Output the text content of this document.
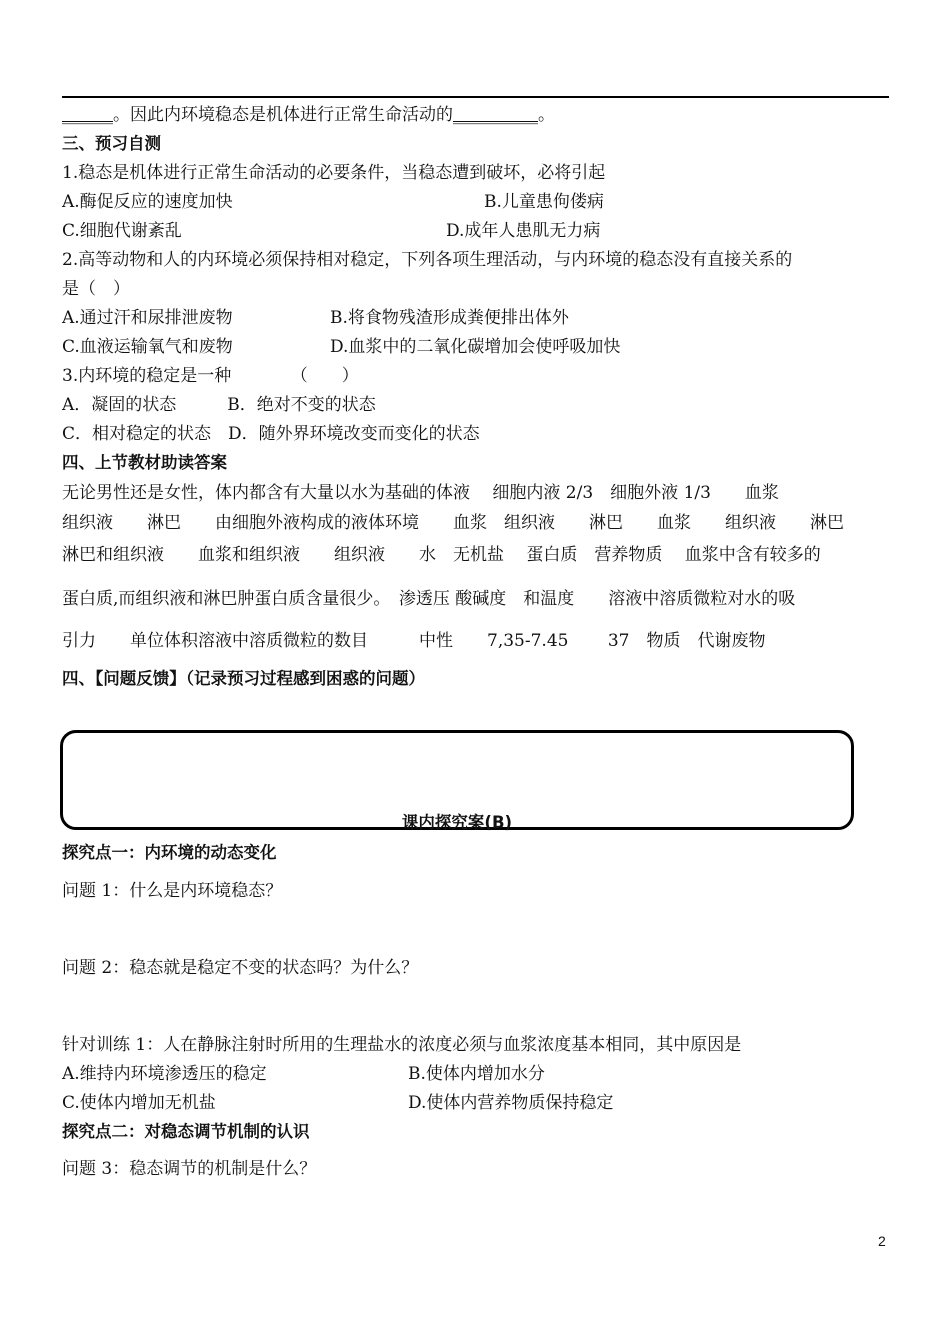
______。因此内环境稳态是机体进行正常生命活动的__________。
三、预习自测
1.稳态是机体进行正常生命活动的必要条件，当稳态遭到破坏，必将引起
A.酶促反应的速度加快	B.儿童患佝偻病
C.细胞代谢紊乱	D.成年人患肌无力病
2.高等动物和人的内环境必须保持相对稳定，下列各项生理活动，与内环境的稳态没有直接关系的
是（　）
A.通过汗和尿排泄废物	B.将食物残渣形成粪便排出体外
C.血液运输氧气和废物	D.血浆中的二氧化碳增加会使呼吸加快
3.内环境的稳定是一种　　　　（　　）
A．凝固的状态　　　B．绝对不变的状态
C．相对稳定的状态　D．随外界环境改变而变化的状态
四、上节教材助读答案
无论男性还是女性，体内都含有大量以水为基础的体液　 细胞内液 2/3　细胞外液 1/3　　血浆
组织液　　淋巴　　由细胞外液构成的液体环境　　血浆　组织液　　淋巴　　血浆　　组织液　　淋巴
淋巴和组织液　　血浆和组织液　　组织液　　水　无机盐　 蛋白质　营养物质　 血浆中含有较多的
蛋白质,而组织液和淋巴肿蛋白质含量很少。　渗透压 酸碱度　和温度　　溶液中溶质微粒对水的吸
引力　　单位体积溶液中溶质微粒的数目　　　中性　　7,35-7.45　　 37　物质　代谢废物
四、【问题反馈】（记录预习过程感到困惑的问题）
课内探究案(B)
探究点一：内环境的动态变化
问题 1：什么是内环境稳态？
问题 2：稳态就是稳定不变的状态吗？为什么？
针对训练 1：人在静脉注射时所用的生理盐水的浓度必须与血浆浓度基本相同，其中原因是
A.维持内环境渗透压的稳定	B.使体内增加水分
C.使体内增加无机盐	D.使体内营养物质保持稳定
探究点二：对稳态调节机制的认识
问题 3：稳态调节的机制是什么？
2
